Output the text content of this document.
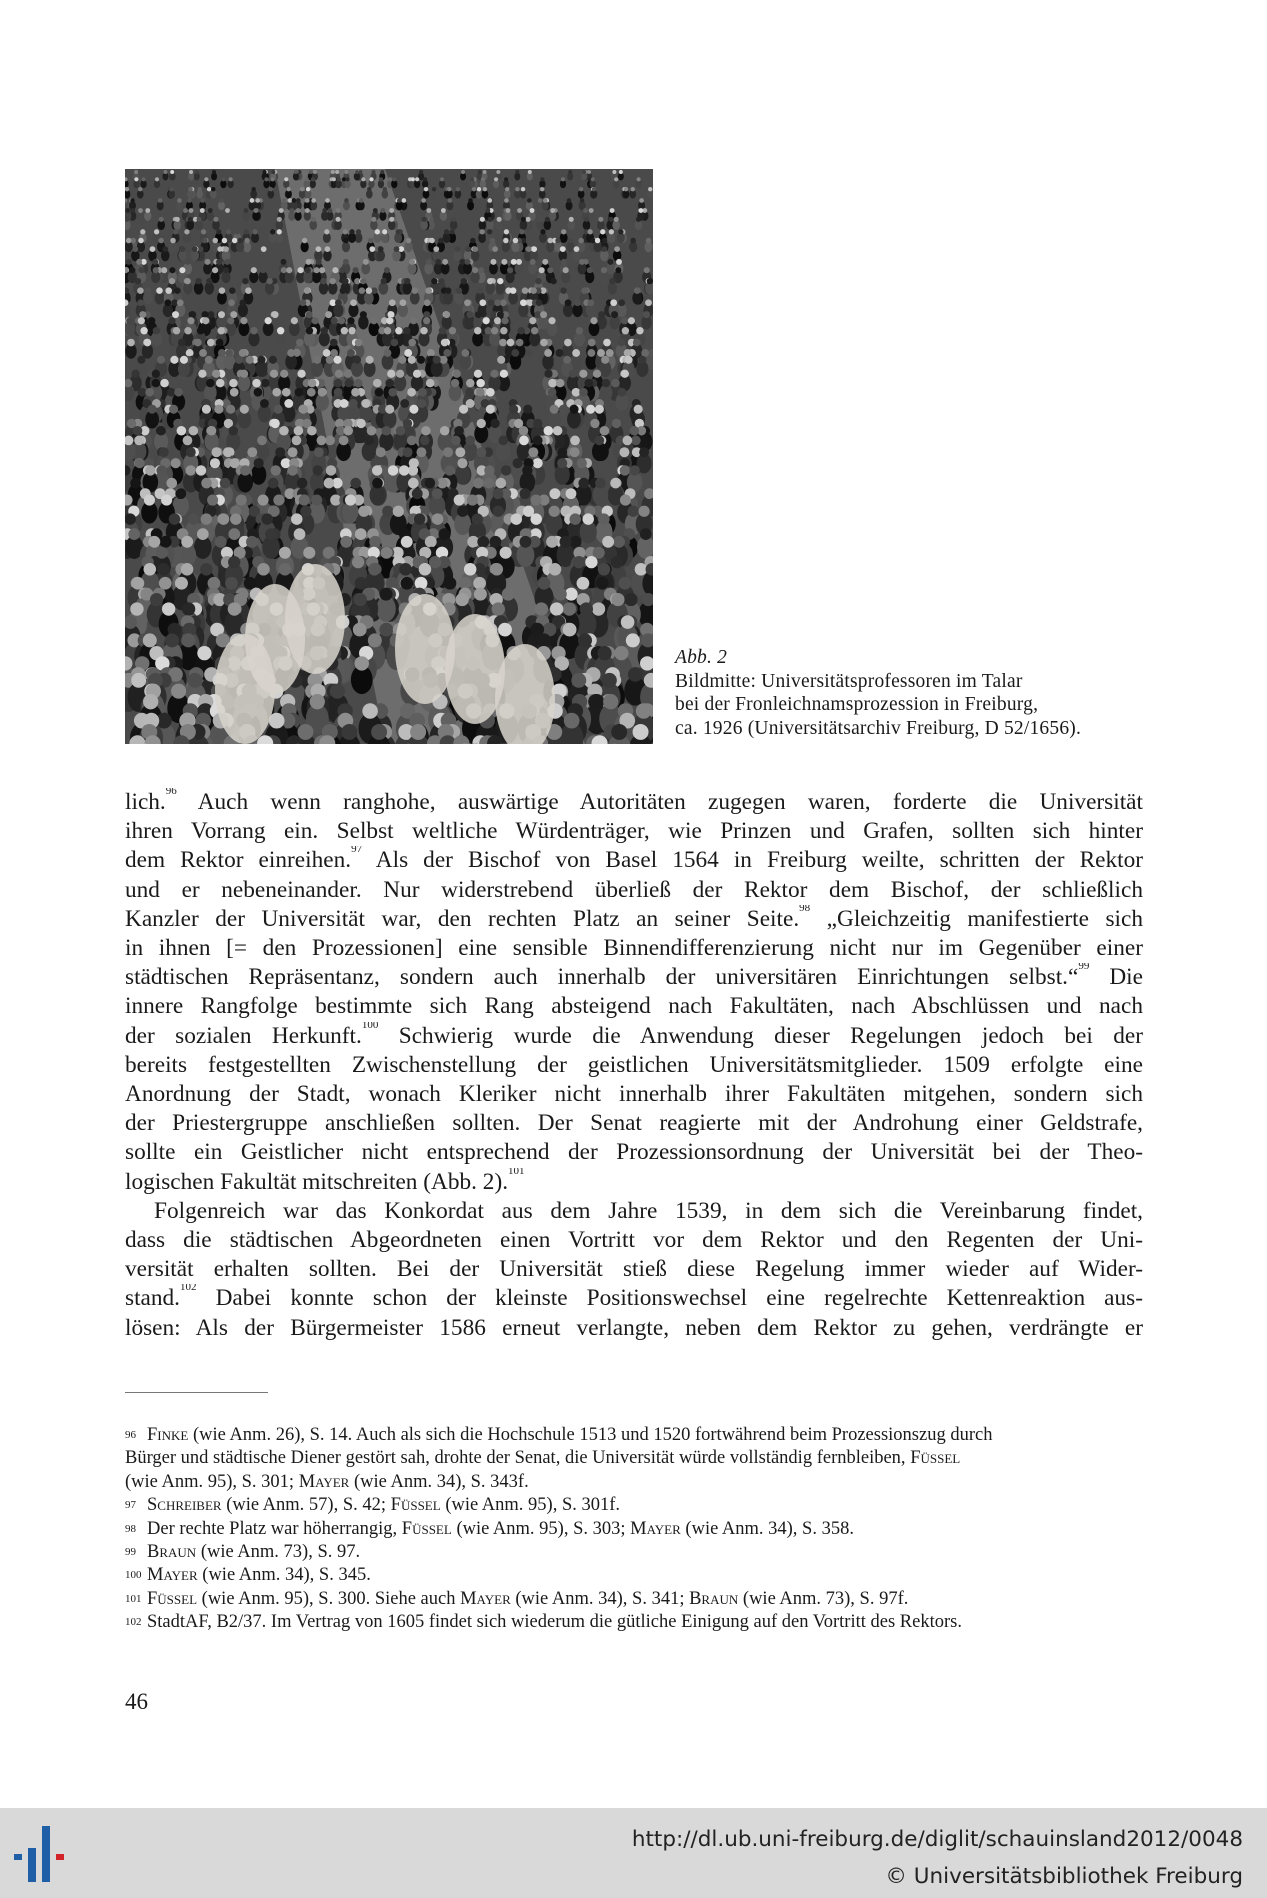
Abb. 2
Bildmitte: Universitätsprofessoren im Talar
bei der Fronleichnamsprozession in Freiburg,
ca. 1926 (Universitätsarchiv Freiburg, D 52/1656).
lich.$^{96}$ Auch wenn ranghohe, auswärtige Autoritäten zugegen waren, forderte die Universität
ihren Vorrang ein. Selbst weltliche Würdenträger, wie Prinzen und Grafen, sollten sich hinter
dem Rektor einreihen.$^{97}$ Als der Bischof von Basel 1564 in Freiburg weilte, schritten der Rektor
und er nebeneinander. Nur widerstrebend überließ der Rektor dem Bischof, der schließlich
Kanzler der Universität war, den rechten Platz an seiner Seite.$^{98}$ „Gleichzeitig manifestierte sich
in ihnen [= den Prozessionen] eine sensible Binnendifferenzierung nicht nur im Gegenüber einer
städtischen Repräsentanz, sondern auch innerhalb der universitären Einrichtungen selbst.“$^{99}$ Die
innere Rangfolge bestimmte sich Rang absteigend nach Fakultäten, nach Abschlüssen und nach
der sozialen Herkunft.$^{100}$ Schwierig wurde die Anwendung dieser Regelungen jedoch bei der
bereits festgestellten Zwischenstellung der geistlichen Universitätsmitglieder. 1509 erfolgte eine
Anordnung der Stadt, wonach Kleriker nicht innerhalb ihrer Fakultäten mitgehen, sondern sich
der Priestergruppe anschließen sollten. Der Senat reagierte mit der Androhung einer Geldstrafe,
sollte ein Geistlicher nicht entsprechend der Prozessionsordnung der Universität bei der Theo-
logischen Fakultät mitschreiten (Abb. 2).$^{101}$
Folgenreich war das Konkordat aus dem Jahre 1539, in dem sich die Vereinbarung findet,
dass die städtischen Abgeordneten einen Vortritt vor dem Rektor und den Regenten der Uni-
versität erhalten sollten. Bei der Universität stieß diese Regelung immer wieder auf Wider-
stand.$^{102}$ Dabei konnte schon der kleinste Positionswechsel eine regelrechte Kettenreaktion aus-
lösen: Als der Bürgermeister 1586 erneut verlangte, neben dem Rektor zu gehen, verdrängte er
96 Finke (wie Anm. 26), S. 14. Auch als sich die Hochschule 1513 und 1520 fortwährend beim Prozessionszug durch
Bürger und städtische Diener gestört sah, drohte der Senat, die Universität würde vollständig fernbleiben, Füssel
(wie Anm. 95), S. 301; Mayer (wie Anm. 34), S. 343f.
97 Schreiber (wie Anm. 57), S. 42; Füssel (wie Anm. 95), S. 301f.
98 Der rechte Platz war höherrangig, Füssel (wie Anm. 95), S. 303; Mayer (wie Anm. 34), S. 358.
99 Braun (wie Anm. 73), S. 97.
100 Mayer (wie Anm. 34), S. 345.
101 Füssel (wie Anm. 95), S. 300. Siehe auch Mayer (wie Anm. 34), S. 341; Braun (wie Anm. 73), S. 97f.
102 StadtAF, B2/37. Im Vertrag von 1605 findet sich wiederum die gütliche Einigung auf den Vortritt des Rektors.
46
http://dl.ub.uni-freiburg.de/diglit/schauinsland2012/0048
© Universitätsbibliothek Freiburg
